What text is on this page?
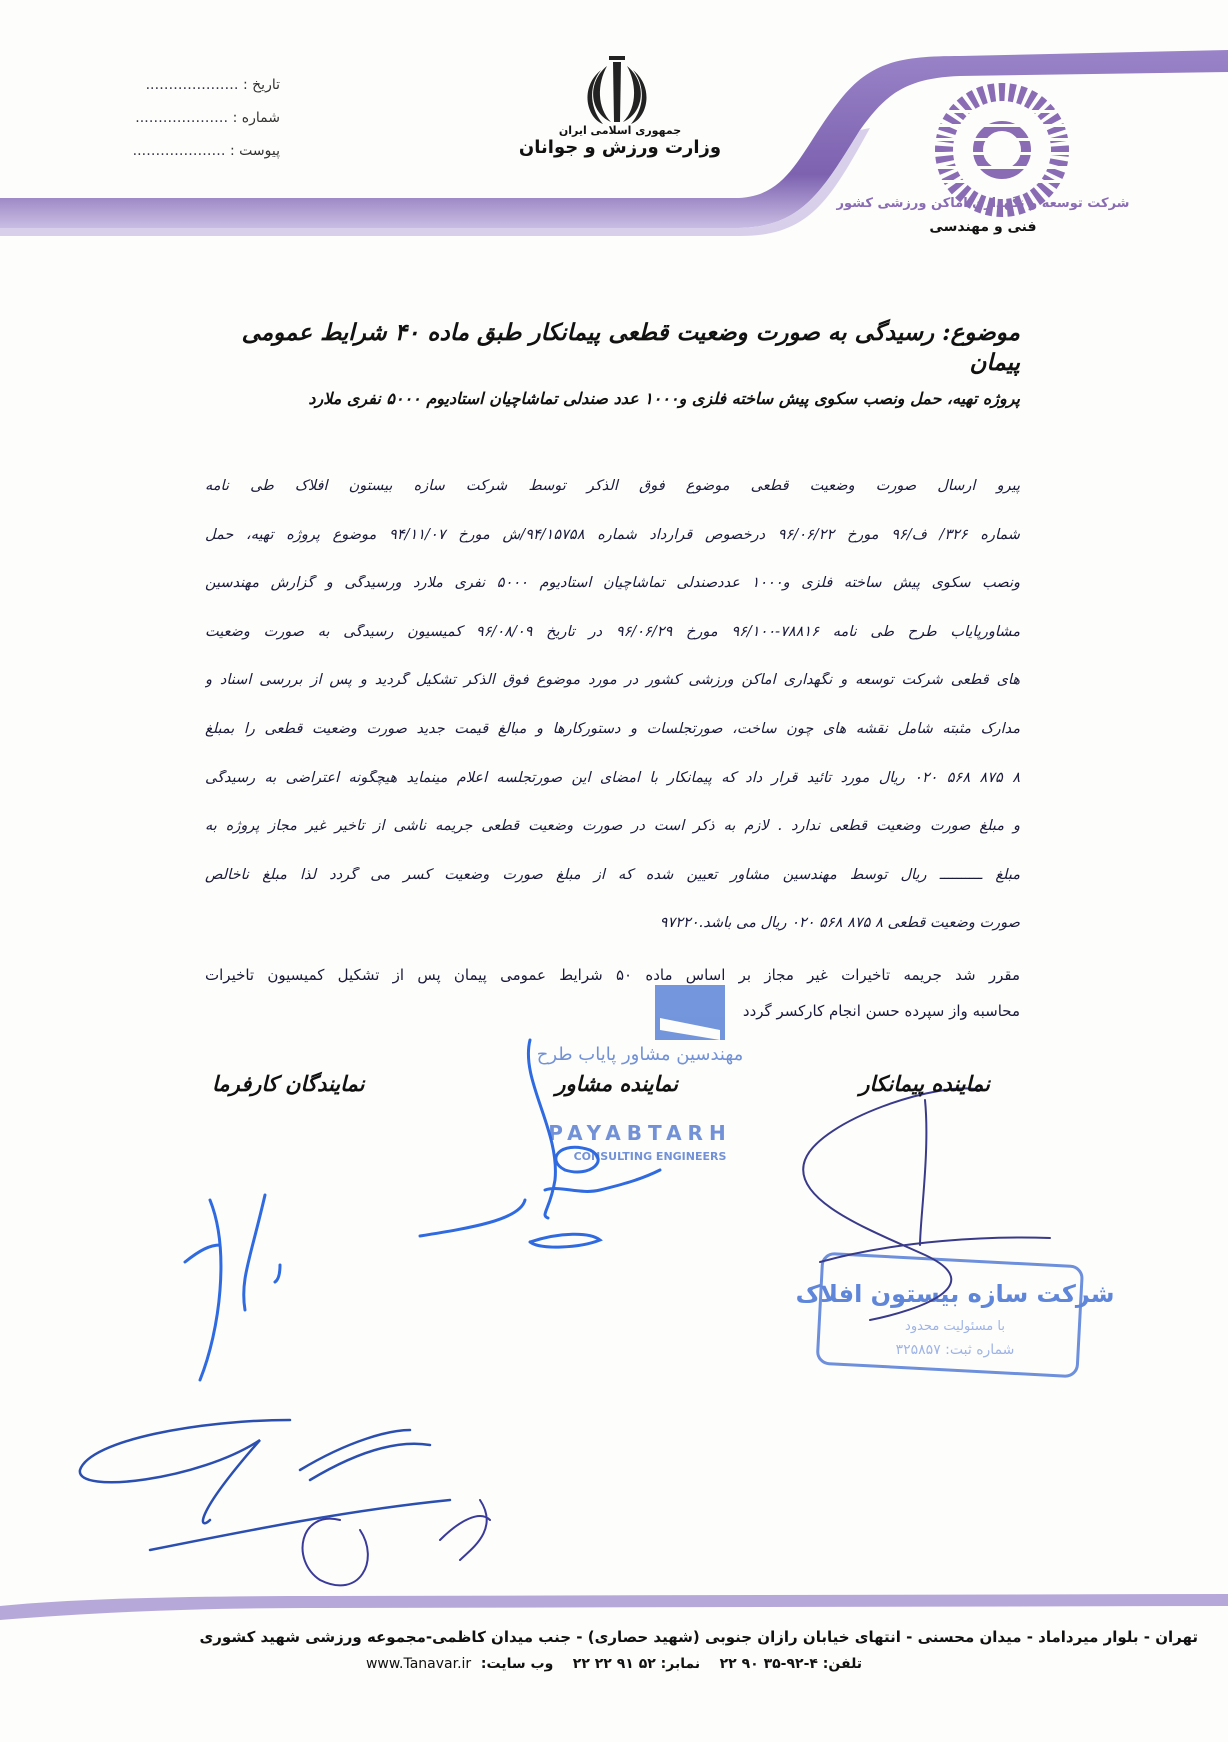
مهندسین مشاور پایاب طرح
PAYABTARH
CONSULTING ENGINEERS
شرکت سازه بیستون افلاک
با مسئولیت محدود
شماره ثبت: ۳۲۵۸۵۷
تاریخ : ………………..
شماره : ………………..
پیوست : ………………..
جمهوری اسلامی ایران
وزارت ورزش و جوانان
شرکت توسعه و نگهداری اماکن ورزشی کشور
فنی و مهندسی
موضوع: رسیدگی به صورت وضعیت قطعی پیمانکار طبق ماده ۴۰ شرایط عمومی پیمان
پروژه تهیه، حمل ونصب سکوی پیش ساخته فلزی و۱۰۰۰ عدد صندلی تماشاچیان استادیوم ۵۰۰۰ نفری ملارد
پیرو ارسال صورت وضعیت قطعی موضوع فوق الذکر توسط شرکت سازه بیستون افلاک طی نامه
شماره ۳۲۶/ ف/۹۶ مورخ ۹۶/۰۶/۲۲ درخصوص قرارداد شماره ۹۴/۱۵۷۵۸/ش مورخ ۹۴/۱۱/۰۷ موضوع پروژه تهیه، حمل
ونصب سکوی پیش ساخته فلزی و۱۰۰۰ عددصندلی تماشاچیان استادیوم ۵۰۰۰ نفری ملارد ورسیدگی و گزارش مهندسین
مشاورپایاب طرح طی نامه ۷۸۸۱۶-۹۶/۱۰۰ مورخ ۹۶/۰۶/۲۹ در تاریخ ۹۶/۰۸/۰۹ کمیسیون رسیدگی به صورت وضعیت
های قطعی شرکت توسعه و نگهداری اماکن ورزشی کشور در مورد موضوع فوق الذکر تشکیل گردید و پس از بررسی اسناد و
مدارک مثبته شامل نقشه های چون ساخت، صورتجلسات و دستورکارها و مبالغ قیمت جدید صورت وضعیت قطعی را بمبلغ
۸ ۸۷۵ ۵۶۸ ۰۲۰ ریال مورد تائید قرار داد که پیمانکار با امضای این صورتجلسه اعلام مینماید هیچگونه اعتراضی به رسیدگی
و مبلغ صورت وضعیت قطعی ندارد . لازم به ذکر است در صورت وضعیت قطعی جریمه ناشی از تاخیر غیر مجاز پروژه به
مبلغ ــــــــــ ریال توسط مهندسین مشاور تعیین شده که از مبلغ صورت وضعیت کسر می گردد لذا مبلغ ناخالص
صورت وضعیت قطعی ۸ ۸۷۵ ۵۶۸ ۰۲۰ ریال می باشد.۹۷۲۲۰
مقرر شد جریمه تاخیرات غیر مجاز بر اساس ماده ۵۰ شرایط عمومی پیمان پس از تشکیل کمیسیون تاخیرات
محاسبه واز سپرده حسن انجام کارکسر گردد
نماینده پیمانکار
نماینده مشاور
نمایندگان کارفرما
تهران - بلوار میرداماد - میدان محسنی - انتهای خیابان رازان جنوبی (شهید حصاری) - جنب میدان کاظمی-مجموعه ورزشی شهید کشوری
تلفن: ۴-۹۲-۳۵ ۹۰ ۲۲    نمابر: ۵۲ ۹۱ ۲۲ ۲۲    وب سایت:  www.Tanavar.ir
